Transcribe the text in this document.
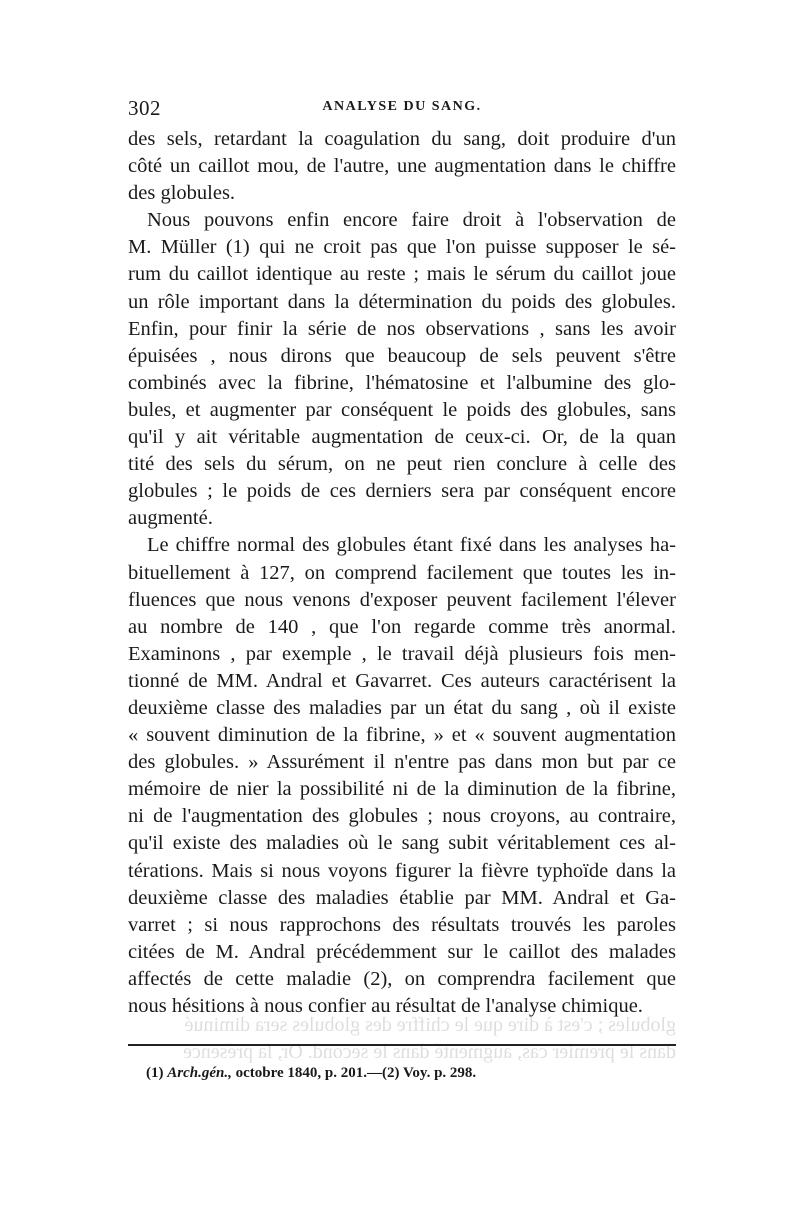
302	ANALYSE DU SANG.
des sels, retardant la coagulation du sang, doit produire d'un
côté un caillot mou, de l'autre, une augmentation dans le chiffre
des globules.
Nous pouvons enfin encore faire droit à l'observation de
M. Müller (1) qui ne croit pas que l'on puisse supposer le sé-
rum du caillot identique au reste ; mais le sérum du caillot joue
un rôle important dans la détermination du poids des globules.
Enfin, pour finir la série de nos observations , sans les avoir
épuisées , nous dirons que beaucoup de sels peuvent s'être
combinés avec la fibrine, l'hématosine et l'albumine des glo-
bules, et augmenter par conséquent le poids des globules, sans
qu'il y ait véritable augmentation de ceux-ci. Or, de la quan
tité des sels du sérum, on ne peut rien conclure à celle des
globules ; le poids de ces derniers sera par conséquent encore
augmenté.
Le chiffre normal des globules étant fixé dans les analyses ha-
bituellement à 127, on comprend facilement que toutes les in-
fluences que nous venons d'exposer peuvent facilement l'élever
au nombre de 140 , que l'on regarde comme très anormal.
Examinons , par exemple , le travail déjà plusieurs fois men-
tionné de MM. Andral et Gavarret. Ces auteurs caractérisent la
deuxième classe des maladies par un état du sang , où il existe
« souvent diminution de la fibrine, » et « souvent augmentation
des globules. » Assurément il n'entre pas dans mon but par ce
mémoire de nier la possibilité ni de la diminution de la fibrine,
ni de l'augmentation des globules ; nous croyons, au contraire,
qu'il existe des maladies où le sang subit véritablement ces al-
térations. Mais si nous voyons figurer la fièvre typhoïde dans la
deuxième classe des maladies établie par MM. Andral et Ga-
varret ; si nous rapprochons des résultats trouvés les paroles
citées de M. Andral précédemment sur le caillot des malades
affectés de cette maladie (2), on comprendra facilement que
nous hésitions à nous confier au résultat de l'analyse chimique.
globules ; c'est à dire que le chiffre des globules sera diminué
dans le premier cas, augmenté dans le second. Or, la présence
(1) Arch.gén., octobre 1840, p. 201.—(2) Voy. p. 298.
